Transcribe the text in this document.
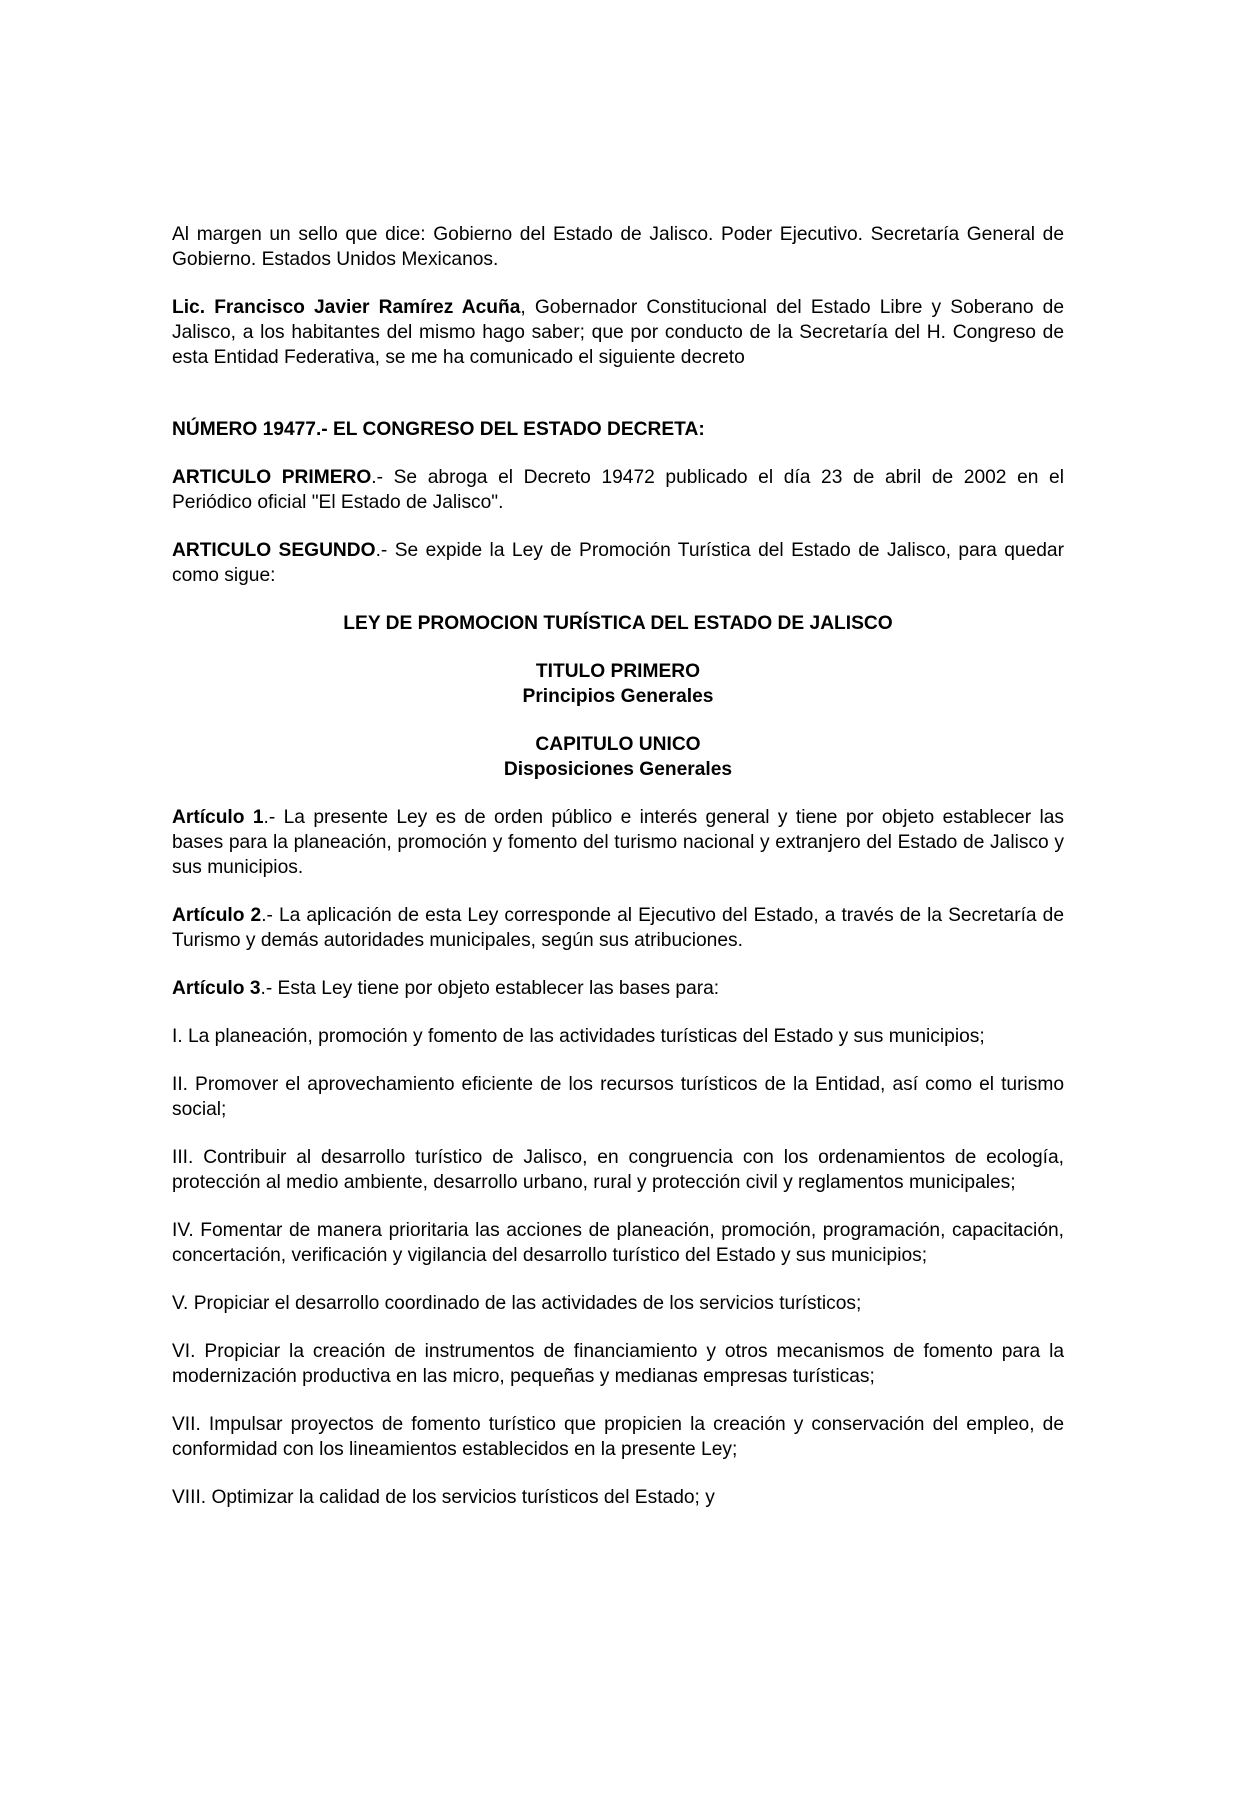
Al margen un sello que dice: Gobierno del Estado de Jalisco. Poder Ejecutivo. Secretaría General de Gobierno. Estados Unidos Mexicanos.

Lic. Francisco Javier Ramírez Acuña, Gobernador Constitucional del Estado Libre y Soberano de Jalisco, a los habitantes del mismo hago saber; que por conducto de la Secretaría del H. Congreso de esta Entidad Federativa, se me ha comunicado el siguiente decreto

NÚMERO 19477.- EL CONGRESO DEL ESTADO DECRETA:

ARTICULO PRIMERO.- Se abroga el Decreto 19472 publicado el día 23 de abril de 2002 en el Periódico oficial "El Estado de Jalisco".

ARTICULO SEGUNDO.- Se expide la Ley de Promoción Turística del Estado de Jalisco, para quedar como sigue:

LEY DE PROMOCION TURÍSTICA DEL ESTADO DE JALISCO

TITULO PRIMERO
Principios Generales

CAPITULO UNICO
Disposiciones Generales

Artículo 1.- La presente Ley es de orden público e interés general y tiene por objeto establecer las bases para la planeación, promoción y fomento del turismo nacional y extranjero del Estado de Jalisco y sus municipios.

Artículo 2.- La aplicación de esta Ley corresponde al Ejecutivo del Estado, a través de la Secretaría de Turismo y demás autoridades municipales, según sus atribuciones.

Artículo 3.- Esta Ley tiene por objeto establecer las bases para:

I. La planeación, promoción y fomento de las actividades turísticas del Estado y sus municipios;

II. Promover el aprovechamiento eficiente de los recursos turísticos de la Entidad, así como el turismo social;

III. Contribuir al desarrollo turístico de Jalisco, en congruencia con los ordenamientos de ecología, protección al medio ambiente, desarrollo urbano, rural y protección civil y reglamentos municipales;

IV. Fomentar de manera prioritaria las acciones de planeación, promoción, programación, capacitación, concertación, verificación y vigilancia del desarrollo turístico del Estado y sus municipios;

V. Propiciar el desarrollo coordinado de las actividades de los servicios turísticos;

VI. Propiciar la creación de instrumentos de financiamiento y otros mecanismos de fomento para la modernización productiva en las micro, pequeñas y medianas empresas turísticas;

VII. Impulsar proyectos de fomento turístico que propicien la creación y conservación del empleo, de conformidad con los lineamientos establecidos en la presente Ley;

VIII. Optimizar la calidad de los servicios turísticos del Estado; y
